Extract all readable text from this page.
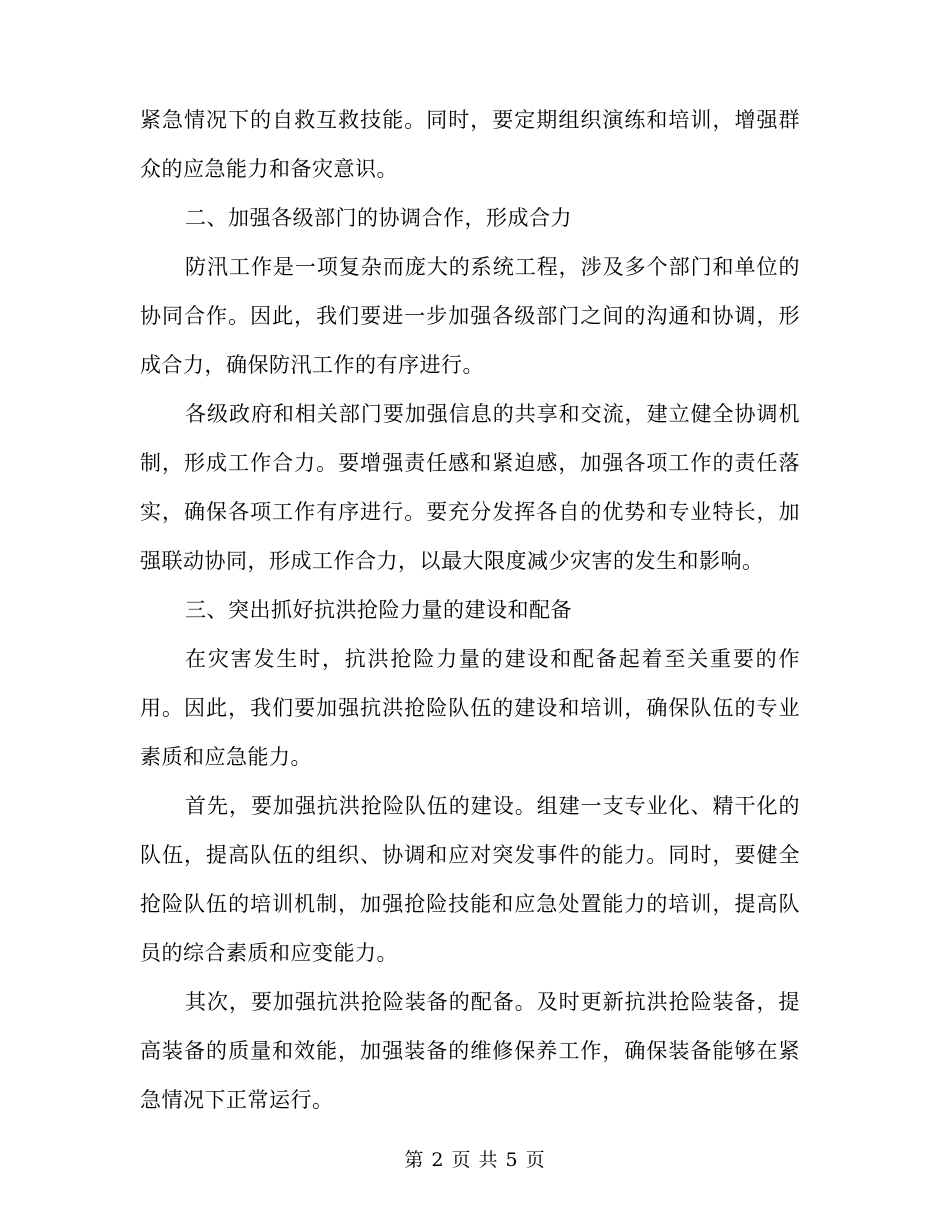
紧急情况下的自救互救技能。同时，要定期组织演练和培训，增强群众的应急能力和备灾意识。

二、加强各级部门的协调合作，形成合力

防汛工作是一项复杂而庞大的系统工程，涉及多个部门和单位的协同合作。因此，我们要进一步加强各级部门之间的沟通和协调，形成合力，确保防汛工作的有序进行。

各级政府和相关部门要加强信息的共享和交流，建立健全协调机制，形成工作合力。要增强责任感和紧迫感，加强各项工作的责任落实，确保各项工作有序进行。要充分发挥各自的优势和专业特长，加强联动协同，形成工作合力，以最大限度减少灾害的发生和影响。

三、突出抓好抗洪抢险力量的建设和配备

在灾害发生时，抗洪抢险力量的建设和配备起着至关重要的作用。因此，我们要加强抗洪抢险队伍的建设和培训，确保队伍的专业素质和应急能力。

首先，要加强抗洪抢险队伍的建设。组建一支专业化、精干化的队伍，提高队伍的组织、协调和应对突发事件的能力。同时，要健全抢险队伍的培训机制，加强抢险技能和应急处置能力的培训，提高队员的综合素质和应变能力。

其次，要加强抗洪抢险装备的配备。及时更新抗洪抢险装备，提高装备的质量和效能，加强装备的维修保养工作，确保装备能够在紧急情况下正常运行。

第 2 页 共 5 页
